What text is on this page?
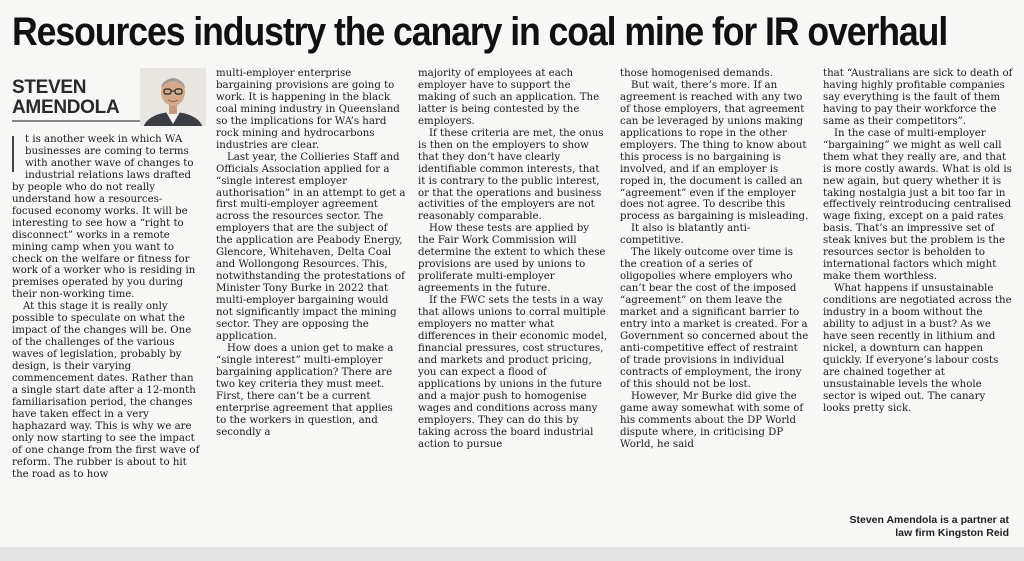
Resources industry the canary in coal mine for IR overhaul
STEVEN
AMENDOLA

t is another week in which WA businesses are coming to terms with another wave of changes to industrial relations laws drafted by people who do not really understand how a resources-focused economy works. It will be interesting to see how a “right to disconnect” works in a remote mining camp when you want to check on the welfare or fitness for work of a worker who is residing in premises operated by you during their non-working time.

At this stage it is really only possible to speculate on what the impact of the changes will be. One of the challenges of the various waves of legislation, probably by design, is their varying commencement dates. Rather than a single start date after a 12-month familiarisation period, the changes have taken effect in a very haphazard way. This is why we are only now starting to see the impact of one change from the first wave of reform. The rubber is about to hit the road as to how

multi-employer enterprise bargaining provisions are going to work. It is happening in the black coal mining industry in Queensland so the implications for WA’s hard rock mining and hydrocarbons industries are clear.

Last year, the Collieries Staff and Officials Association applied for a “single interest employer authorisation” in an attempt to get a first multi-employer agreement across the resources sector. The employers that are the subject of the application are Peabody Energy, Glencore, Whitehaven, Delta Coal and Wollongong Resources. This, notwithstanding the protestations of Minister Tony Burke in 2022 that multi-employer bargaining would not significantly impact the mining sector. They are opposing the application.

How does a union get to make a “single interest” multi-employer bargaining application? There are two key criteria they must meet. First, there can’t be a current enterprise agreement that applies to the workers in question, and secondly a

majority of employees at each employer have to support the making of such an application. The latter is being contested by the employers.

If these criteria are met, the onus is then on the employers to show that they don’t have clearly identifiable common interests, that it is contrary to the public interest, or that the operations and business activities of the employers are not reasonably comparable.

How these tests are applied by the Fair Work Commission will determine the extent to which these provisions are used by unions to proliferate multi-employer agreements in the future.

If the FWC sets the tests in a way that allows unions to corral multiple employers no matter what differences in their economic model, financial pressures, cost structures, and markets and product pricing, you can expect a flood of applications by unions in the future and a major push to homogenise wages and conditions across many employers. They can do this by taking across the board industrial action to pursue

those homogenised demands.

But wait, there’s more. If an agreement is reached with any two of those employers, that agreement can be leveraged by unions making applications to rope in the other employers. The thing to know about this process is no bargaining is involved, and if an employer is roped in, the document is called an “agreement” even if the employer does not agree. To describe this process as bargaining is misleading.

It also is blatantly anti-competitive.

The likely outcome over time is the creation of a series of oligopolies where employers who can’t bear the cost of the imposed “agreement” on them leave the market and a significant barrier to entry into a market is created. For a Government so concerned about the anti-competitive effect of restraint of trade provisions in individual contracts of employment, the irony of this should not be lost.

However, Mr Burke did give the game away somewhat with some of his comments about the DP World dispute where, in criticising DP World, he said

that “Australians are sick to death of having highly profitable companies say everything is the fault of them having to pay their workforce the same as their competitors”.

In the case of multi-employer “bargaining” we might as well call them what they really are, and that is more costly awards. What is old is new again, but query whether it is taking nostalgia just a bit too far in effectively reintroducing centralised wage fixing, except on a paid rates basis. That’s an impressive set of steak knives but the problem is the resources sector is beholden to international factors which might make them worthless.

What happens if unsustainable conditions are negotiated across the industry in a boom without the ability to adjust in a bust? As we have seen recently in lithium and nickel, a downturn can happen quickly. If everyone’s labour costs are chained together at unsustainable levels the whole sector is wiped out. The canary looks pretty sick.

Steven Amendola is a partner at
law firm Kingston Reid
